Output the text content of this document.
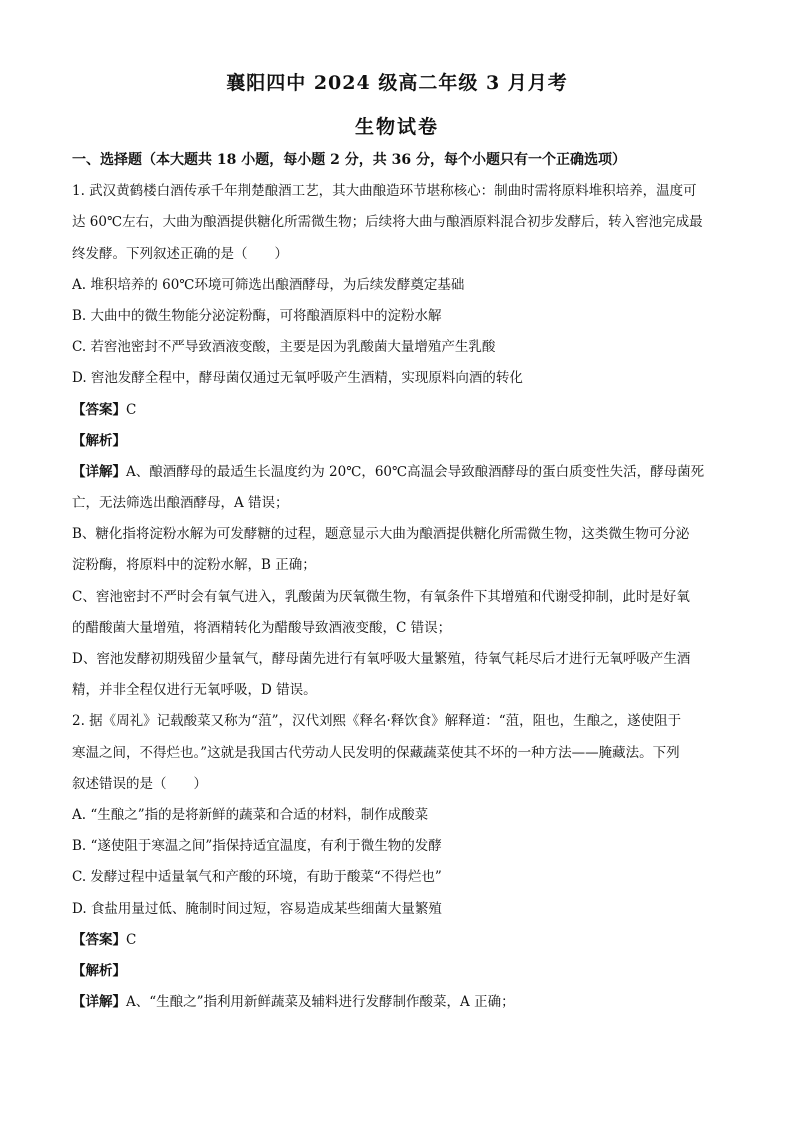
襄阳四中 2024 级高二年级 3 月月考
生物试卷
一、选择题（本大题共 18 小题，每小题 2 分，共 36 分，每个小题只有一个正确选项）
1. 武汉黄鹤楼白酒传承千年荆楚酿酒工艺，其大曲酿造环节堪称核心：制曲时需将原料堆积培养，温度可
达 60℃左右，大曲为酿酒提供糖化所需微生物；后续将大曲与酿酒原料混合初步发酵后，转入窖池完成最
终发酵。下列叙述正确的是（　　）
A. 堆积培养的 60℃环境可筛选出酿酒酵母，为后续发酵奠定基础
B. 大曲中的微生物能分泌淀粉酶，可将酿酒原料中的淀粉水解
C. 若窖池密封不严导致酒液变酸，主要是因为乳酸菌大量增殖产生乳酸
D. 窖池发酵全程中，酵母菌仅通过无氧呼吸产生酒精，实现原料向酒的转化
【答案】C
【解析】
【详解】A、酿酒酵母的最适生长温度约为 20℃，60℃高温会导致酿酒酵母的蛋白质变性失活，酵母菌死
亡，无法筛选出酿酒酵母，A 错误；
B、糖化指将淀粉水解为可发酵糖的过程，题意显示大曲为酿酒提供糖化所需微生物，这类微生物可分泌
淀粉酶，将原料中的淀粉水解，B 正确；
C、窖池密封不严时会有氧气进入，乳酸菌为厌氧微生物，有氧条件下其增殖和代谢受抑制，此时是好氧
的醋酸菌大量增殖，将酒精转化为醋酸导致酒液变酸，C 错误；
D、窖池发酵初期残留少量氧气，酵母菌先进行有氧呼吸大量繁殖，待氧气耗尽后才进行无氧呼吸产生酒
精，并非全程仅进行无氧呼吸，D 错误。
2. 据《周礼》记载酸菜又称为“菹”，汉代刘熙《释名·释饮食》解释道：“菹，阻也，生酿之，遂使阻于
寒温之间，不得烂也。”这就是我国古代劳动人民发明的保藏蔬菜使其不坏的一种方法——腌藏法。下列
叙述错误的是（　　）
A. “生酿之”指的是将新鲜的蔬菜和合适的材料，制作成酸菜
B. “遂使阻于寒温之间”指保持适宜温度，有利于微生物的发酵
C. 发酵过程中适量氧气和产酸的环境，有助于酸菜“不得烂也”
D. 食盐用量过低、腌制时间过短，容易造成某些细菌大量繁殖
【答案】C
【解析】
【详解】A、“生酿之”指利用新鲜蔬菜及辅料进行发酵制作酸菜，A 正确；
